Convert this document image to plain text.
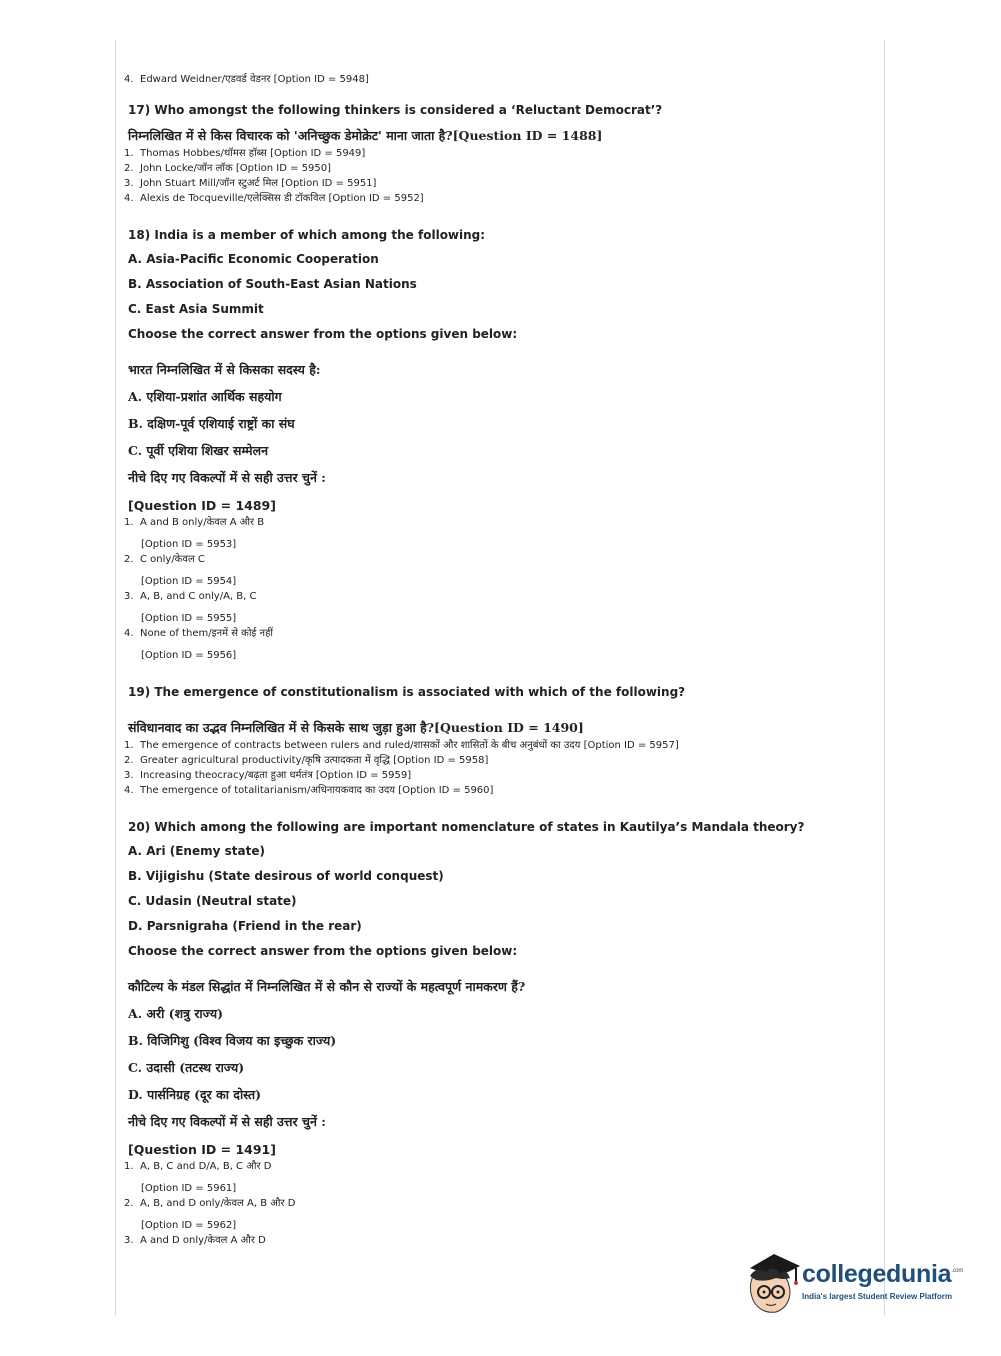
4. Edward Weidner/एडवर्ड वेडनर [Option ID = 5948]
17) Who amongst the following thinkers is considered a ‘Reluctant Democrat’?
निम्नलिखित में से किस विचारक को 'अनिच्छुक डेमोक्रेट' माना जाता है?[Question ID = 1488]
1. Thomas Hobbes/थॉमस हॉब्स [Option ID = 5949]
2. John Locke/जॉन लॉक [Option ID = 5950]
3. John Stuart Mill/जॉन स्टुअर्ट मिल [Option ID = 5951]
4. Alexis de Tocqueville/एलेक्सिस डी टॉकविल [Option ID = 5952]
18) India is a member of which among the following:
A. Asia-Pacific Economic Cooperation
B. Association of South-East Asian Nations
C. East Asia Summit
Choose the correct answer from the options given below:
भारत निम्नलिखित में से किसका सदस्य है:
A. एशिया-प्रशांत आर्थिक सहयोग
B. दक्षिण-पूर्व एशियाई राष्ट्रों का संघ
C. पूर्वी एशिया शिखर सम्मेलन
नीचे दिए गए विकल्पों में से सही उत्तर चुनें :
[Question ID = 1489]
1. A and B only/केवल A और B
[Option ID = 5953]
2. C only/केवल C
[Option ID = 5954]
3. A, B, and C only/A, B, C
[Option ID = 5955]
4. None of them/इनमें से कोई नहीं
[Option ID = 5956]
19) The emergence of constitutionalism is associated with which of the following?
संविधानवाद का उद्भव निम्नलिखित में से किसके साथ जुड़ा हुआ है?[Question ID = 1490]
1. The emergence of contracts between rulers and ruled/शासकों और शासितों के बीच अनुबंधों का उदय [Option ID = 5957]
2. Greater agricultural productivity/कृषि उत्पादकता में वृद्धि [Option ID = 5958]
3. Increasing theocracy/बढ़ता हुआ धर्मतंत्र [Option ID = 5959]
4. The emergence of totalitarianism/अधिनायकवाद का उदय [Option ID = 5960]
20) Which among the following are important nomenclature of states in Kautilya’s Mandala theory?
A. Ari (Enemy state)
B. Vijigishu (State desirous of world conquest)
C. Udasin (Neutral state)
D. Parsnigraha (Friend in the rear)
Choose the correct answer from the options given below:
कौटिल्य के मंडल सिद्धांत में निम्नलिखित में से कौन से राज्यों के महत्वपूर्ण नामकरण हैं?
A. अरी (शत्रु राज्य)
B. विजिगिशु (विश्व विजय का इच्छुक राज्य)
C. उदासी (तटस्थ राज्य)
D. पार्सनिग्रह (दूर का दोस्त)
नीचे दिए गए विकल्पों में से सही उत्तर चुनें :
[Question ID = 1491]
1. A, B, C and D/A, B, C और D
[Option ID = 5961]
2. A, B, and D only/केवल A, B और D
[Option ID = 5962]
3. A and D only/केवल A और D
collegedunia$^{.com}$
India's largest Student Review Platform
